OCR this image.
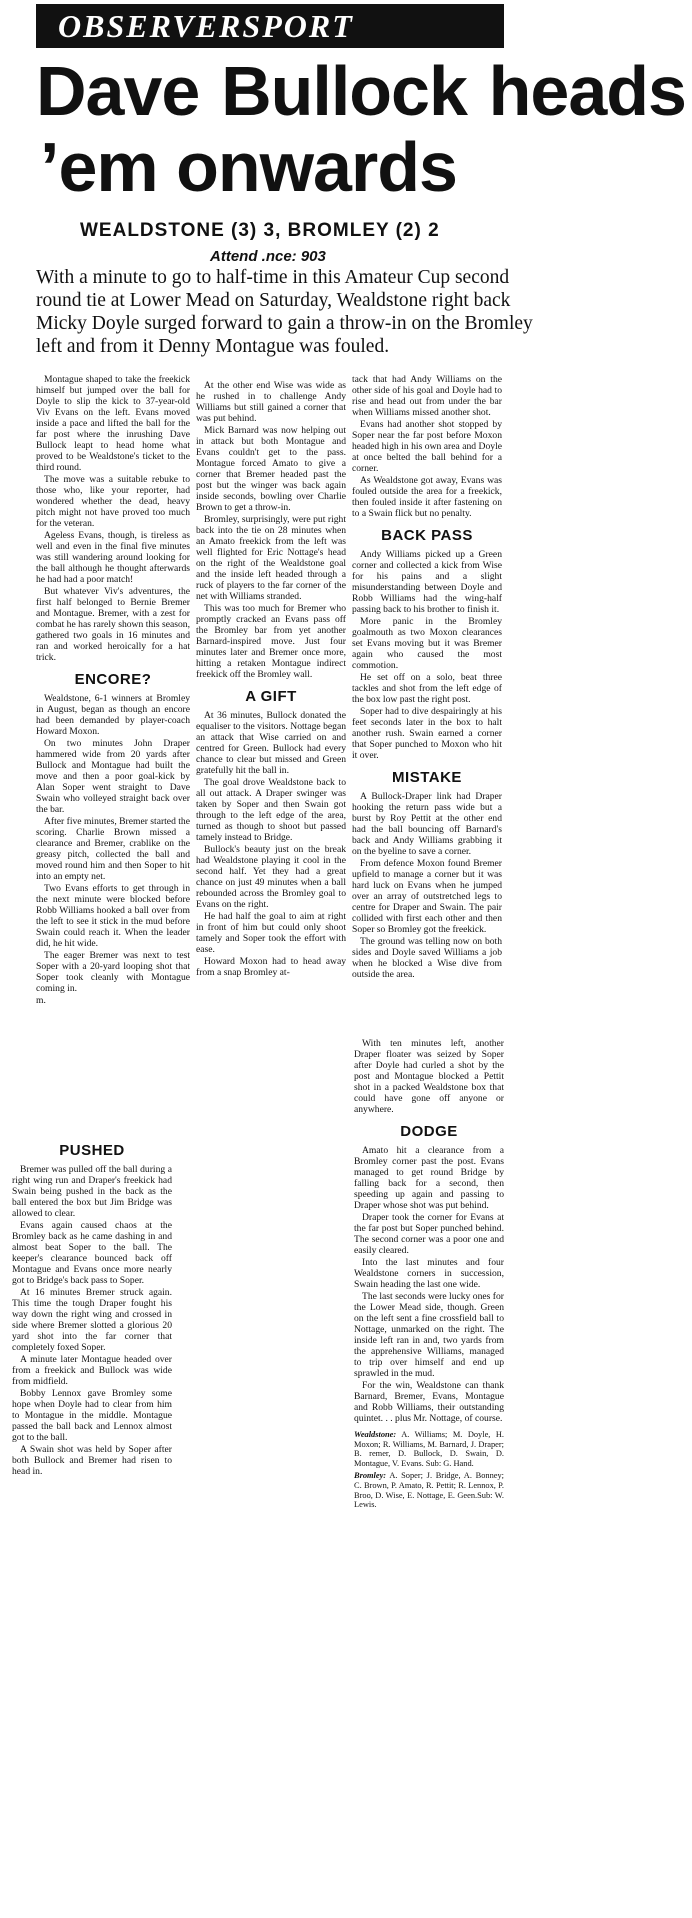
OBSERVERSPORT
Dave Bullock heads
’em onwards
WEALDSTONE (3) 3, BROMLEY (2) 2
Attend .nce: 903

With a minute to go to half-time in this Amateur Cup second round tie at Lower Mead on Saturday, Wealdstone right back Micky Doyle surged forward to gain a throw-in on the Bromley left and from it Denny Montague was fouled.

Montague shaped to take the freekick himself but jumped over the ball for Doyle to slip the kick to 37-year-old Viv Evans on the left. Evans moved inside a pace and lifted the ball for the far post where the inrushing Dave Bullock leapt to head home what proved to be Wealdstone's ticket to the third round.

The move was a suitable rebuke to those who, like your reporter, had wondered whether the dead, heavy pitch might not have proved too much for the veteran.

Ageless Evans, though, is tireless as well and even in the final five minutes was still wandering around looking for the ball although he thought afterwards he had had a poor match!

But whatever Viv's adventures, the first half belonged to Bernie Bremer and Montague. Bremer, with a zest for combat he has rarely shown this season, gathered two goals in 16 minutes and ran and worked heroically for a hat trick.

ENCORE?

Wealdstone, 6-1 winners at Bromley in August, began as though an encore had been demanded by player-coach Howard Moxon.

On two minutes John Draper hammered wide from 20 yards after Bullock and Montague had built the move and then a poor goal-kick by Alan Soper went straight to Dave Swain who volleyed straight back over the bar.

After five minutes, Bremer started the scoring. Charlie Brown missed a clearance and Bremer, crablike on the greasy pitch, collected the ball and moved round him and then Soper to hit into an empty net.

Two Evans efforts to get through in the next minute were blocked before Robb Williams hooked a ball over from the left to see it stick in the mud before Swain could reach it. When the leader did, he hit wide.

The eager Bremer was next to test Soper with a 20-yard looping shot that Soper took cleanly with Montague coming in.

m.

At the other end Wise was wide as he rushed in to challenge Andy Williams but still gained a corner that was put behind.

Mick Barnard was now helping out in attack but both Montague and Evans couldn't get to the pass. Montague forced Amato to give a corner that Bremer headed past the post but the winger was back again inside seconds, bowling over Charlie Brown to get a throw-in.

Bromley, surprisingly, were put right back into the tie on 28 minutes when an Amato freekick from the left was well flighted for Eric Nottage's head on the right of the Wealdstone goal and the inside left headed through a ruck of players to the far corner of the net with Williams stranded.

This was too much for Bremer who promptly cracked an Evans pass off the Bromley bar from yet another Barnard-inspired move. Just four minutes later and Bremer once more, hitting a retaken Montague indirect freekick off the Bromley wall.

A GIFT

At 36 minutes, Bullock donated the equaliser to the visitors. Nottage began an attack that Wise carried on and centred for Green. Bullock had every chance to clear but missed and Green gratefully hit the ball in.

The goal drove Wealdstone back to all out attack. A Draper swinger was taken by Soper and then Swain got through to the left edge of the area, turned as though to shoot but passed tamely instead to Bridge.

Bullock's beauty just on the break had Wealdstone playing it cool in the second half. Yet they had a great chance on just 49 minutes when a ball rebounded across the Bromley goal to Evans on the right.

He had half the goal to aim at right in front of him but could only shoot tamely and Soper took the effort with ease.

Howard Moxon had to head away from a snap Bromley at-

tack that had Andy Williams on the other side of his goal and Doyle had to rise and head out from under the bar when Williams missed another shot.

Evans had another shot stopped by Soper near the far post before Moxon headed high in his own area and Doyle at once belted the ball behind for a corner.

As Wealdstone got away, Evans was fouled outside the area for a freekick, then fouled inside it after fastening on to a Swain flick but no penalty.

BACK PASS

Andy Williams picked up a Green corner and collected a kick from Wise for his pains and a slight misunderstanding between Doyle and Robb Williams had the wing-half passing back to his brother to finish it.

More panic in the Bromley goalmouth as two Moxon clearances set Evans moving but it was Bremer again who caused the most commotion.

He set off on a solo, beat three tackles and shot from the left edge of the box low past the right post.

Soper had to dive despairingly at his feet seconds later in the box to halt another rush. Swain earned a corner that Soper punched to Moxon who hit it over.

MISTAKE

A Bullock-Draper link had Draper hooking the return pass wide but a burst by Roy Pettit at the other end had the ball bouncing off Barnard's back and Andy Williams grabbing it on the byeline to save a corner.

From defence Moxon found Bremer upfield to manage a corner but it was hard luck on Evans when he jumped over an array of outstretched legs to centre for Draper and Swain. The pair collided with first each other and then Soper so Bromley got the freekick.

The ground was telling now on both sides and Doyle saved Williams a job when he blocked a Wise dive from outside the area.

PUSHED

Bremer was pulled off the ball during a right wing run and Draper's freekick had Swain being pushed in the back as the ball entered the box but Jim Bridge was allowed to clear.

Evans again caused chaos at the Bromley back as he came dashing in and almost beat Soper to the ball. The keeper's clearance bounced back off Montague and Evans once more nearly got to Bridge's back pass to Soper.

At 16 minutes Bremer struck again. This time the tough Draper fought his way down the right wing and crossed in side where Bremer slotted a glorious 20 yard shot into the far corner that completely foxed Soper.

A minute later Montague headed over from a freekick and Bullock was wide from midfield.

Bobby Lennox gave Bromley some hope when Doyle had to clear from him to Montague in the middle. Montague passed the ball back and Lennox almost got to the ball.

A Swain shot was held by Soper after both Bullock and Bremer had risen to head in.

With ten minutes left, another Draper floater was seized by Soper after Doyle had curled a shot by the post and Montague blocked a Pettit shot in a packed Wealdstone box that could have gone off anyone or anywhere.

DODGE

Amato hit a clearance from a Bromley corner past the post. Evans managed to get round Bridge by falling back for a second, then speeding up again and passing to Draper whose shot was put behind.

Draper took the corner for Evans at the far post but Soper punched behind. The second corner was a poor one and easily cleared.

Into the last minutes and four Wealdstone corners in succession, Swain heading the last one wide.

The last seconds were lucky ones for the Lower Mead side, though. Green on the left sent a fine crossfield ball to Nottage, unmarked on the right. The inside left ran in and, two yards from the apprehensive Williams, managed to trip over himself and end up sprawled in the mud.

For the win, Wealdstone can thank Barnard, Bremer, Evans, Montague and Robb Williams, their outstanding quintet. . . plus Mr. Nottage, of course.

Wealdstone: A. Williams; M. Doyle, H. Moxon; R. Williams, M. Barnard, J. Draper; B. remer, D. Bullock, D. Swain, D. Montague, V. Evans. Sub: G. Hand.

Bromley: A. Soper; J. Bridge, A. Bonney; C. Brown, P. Amato, R. Pettit; R. Lennox, P. Broo, D. Wise, E. Nottage, E. Geen.Sub: W. Lewis.
